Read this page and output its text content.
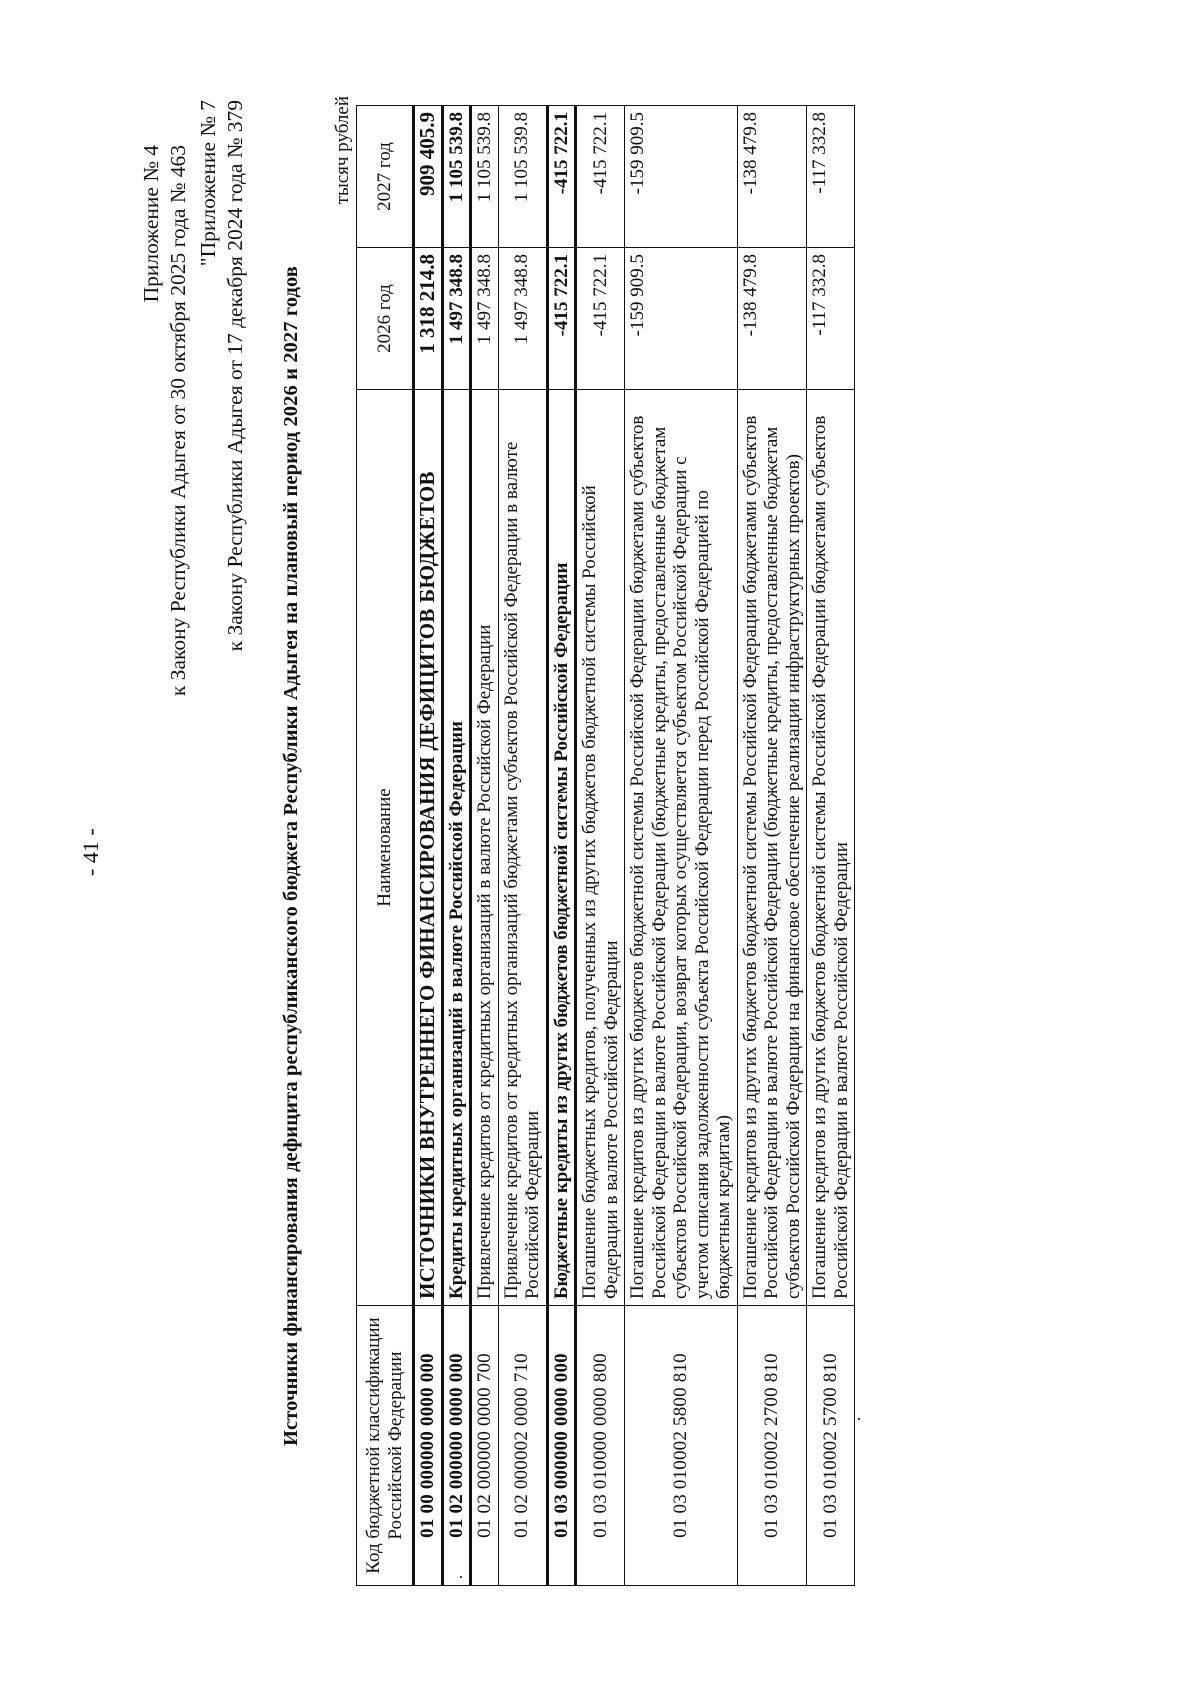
- 41 -
Приложение № 4 к Закону Республики Адыгея от 30 октября 2025 года № 463 "Приложение № 7 к Закону Республики Адыгея от 17 декабря 2024 года № 379 Источники финансирования дефицита республиканского бюджета Республики Адыгея на плановый период 2026 и 2027 годов
тысяч рублей
Код бюджетной классификации Российской Федерации	Наименование	2026 год	2027 год
01 00 000000 0000 000	ИСТОЧНИКИ ВНУТРЕННЕГО ФИНАНСИРОВАНИЯ ДЕФИЦИТОВ БЮДЖЕТОВ	1 318 214.8	909 405.9
01 02 000000 0000 000	Кредиты кредитных организаций в валюте Российской Федерации	1 497 348.8	1 105 539.8
01 02 000000 0000 700	Привлечение кредитов от кредитных организаций в валюте Российской Федерации	1 497 348.8	1 105 539.8
01 02 000002 0000 710	Привлечение кредитов от кредитных организаций бюджетами субъектов Российской Федерации в валюте Российской Федерации	1 497 348.8	1 105 539.8
01 03 000000 0000 000	Бюджетные кредиты из других бюджетов бюджетной системы Российской Федерации	-415 722.1	-415 722.1
01 03 010000 0000 800	Погашение бюджетных кредитов, полученных из других бюджетов бюджетной системы Российской Федерации в валюте Российской Федерации	-415 722.1	-415 722.1
01 03 010002 5800 810	Погашение кредитов из других бюджетов бюджетной системы Российской Федерации бюджетами субъектов Российской Федерации в валюте Российской Федерации (бюджетные кредиты, предоставленные бюджетам субъектов Российской Федерации, возврат которых осуществляется субъектом Российской Федерации с учетом списания задолженности субъекта Российской Федерации перед Российской Федерацией по бюджетным кредитам)	-159 909.5	-159 909.5
01 03 010002 2700 810	Погашение кредитов из других бюджетов бюджетной системы Российской Федерации бюджетами субъектов Российской Федерации в валюте Российской Федерации (бюджетные кредиты, предоставленные бюджетам субъектов Российской Федерации на финансовое обеспечение реализации инфраструктурных проектов)	-138 479.8	-138 479.8
01 03 010002 5700 810	Погашение кредитов из других бюджетов бюджетной системы Российской Федерации бюджетами субъектов Российской Федерации в валюте Российской Федерации	-117 332.8	-117 332.8
